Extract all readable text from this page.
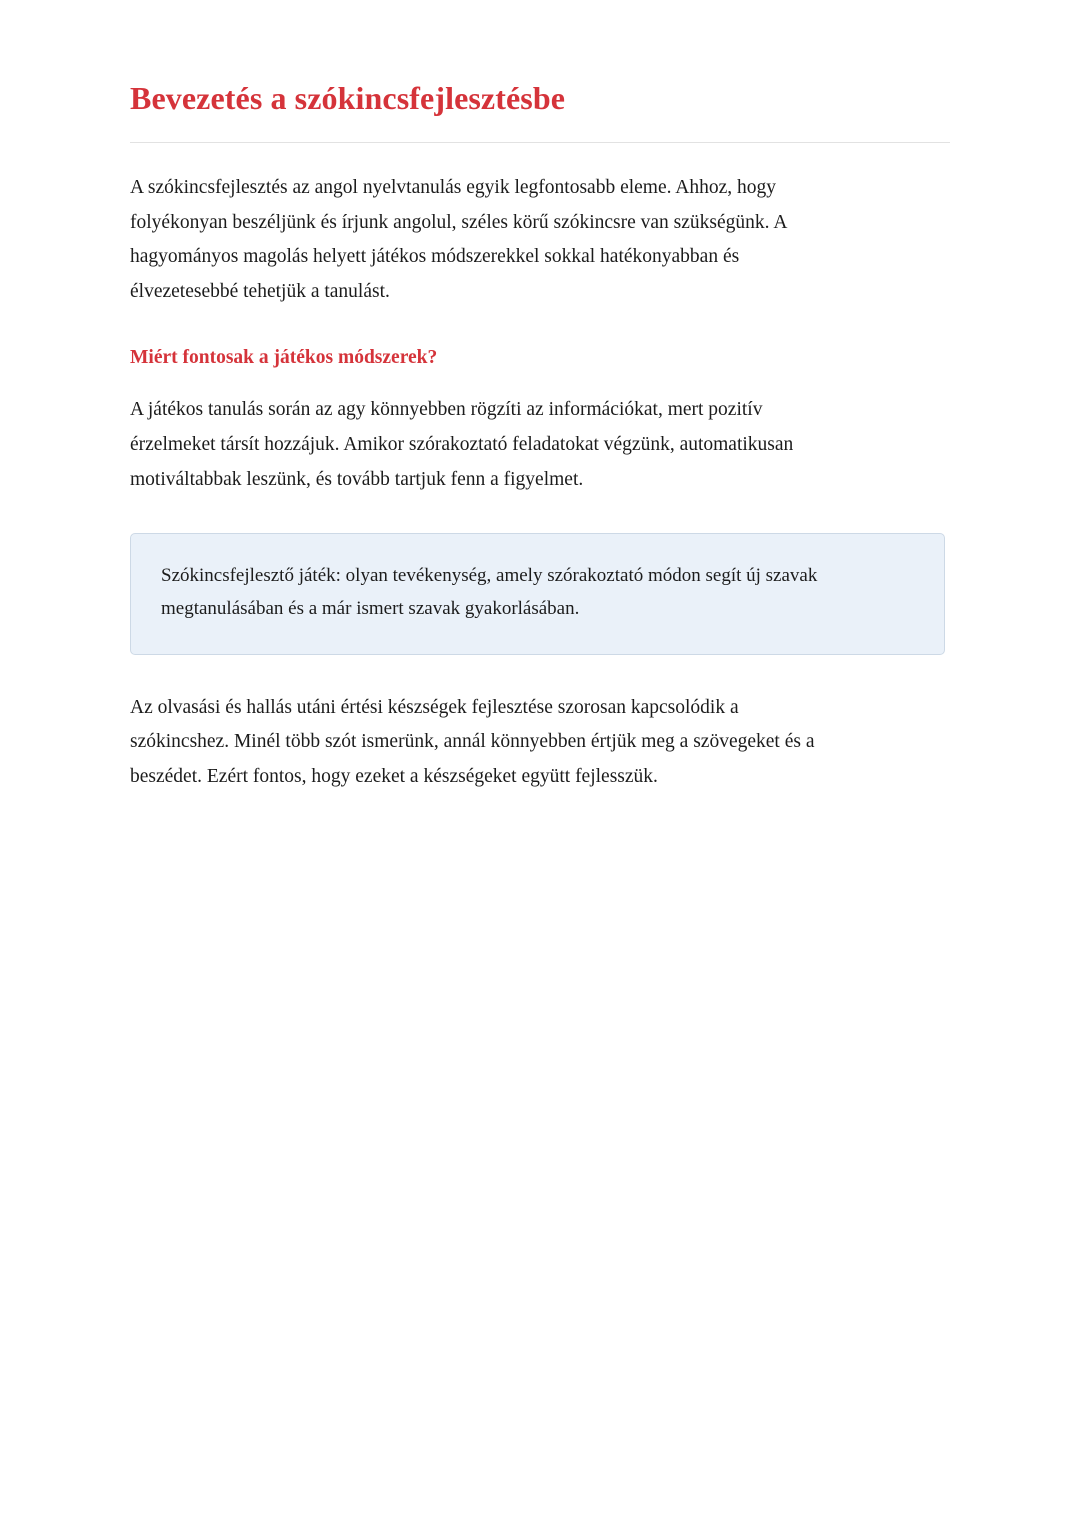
Bevezetés a szókincsfejlesztésbe

A szókincsfejlesztés az angol nyelvtanulás egyik legfontosabb eleme. Ahhoz, hogy folyékonyan beszéljünk és írjunk angolul, széles körű szókincsre van szükségünk. A hagyományos magolás helyett játékos módszerekkel sokkal hatékonyabban és élvezetesebbé tehetjük a tanulást.

Miért fontosak a játékos módszerek?

A játékos tanulás során az agy könnyebben rögzíti az információkat, mert pozitív érzelmeket társít hozzájuk. Amikor szórakoztató feladatokat végzünk, automatikusan motiváltabbak leszünk, és tovább tartjuk fenn a figyelmet.

Szókincsfejlesztő játék: olyan tevékenység, amely szórakoztató módon segít új szavak megtanulásában és a már ismert szavak gyakorlásában.

Az olvasási és hallás utáni értési készségek fejlesztése szorosan kapcsolódik a szókincshez. Minél több szót ismerünk, annál könnyebben értjük meg a szövegeket és a beszédet. Ezért fontos, hogy ezeket a készségeket együtt fejlesszük.
